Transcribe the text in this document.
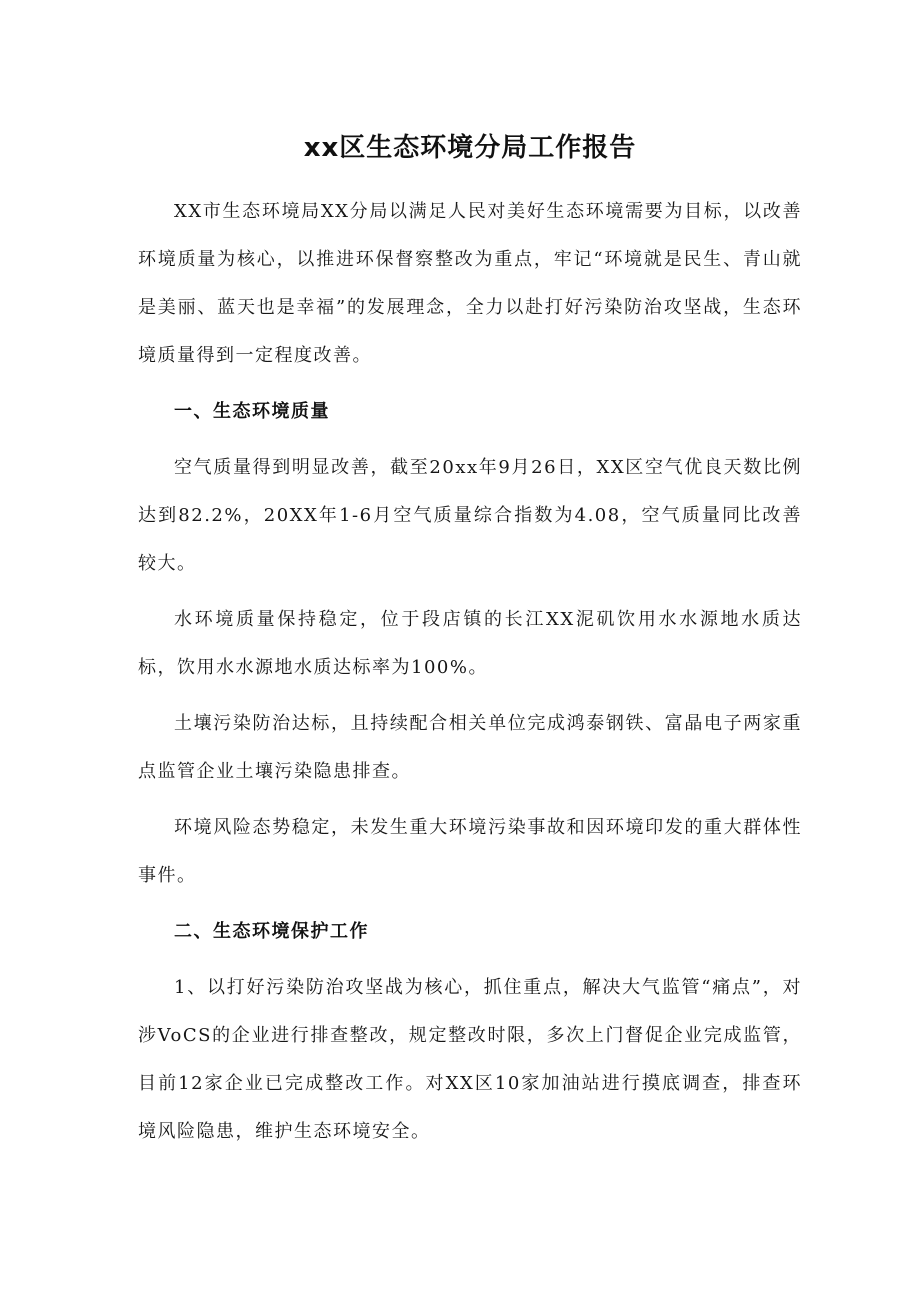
xx区生态环境分局工作报告

XX市生态环境局XX分局以满足人民对美好生态环境需要为目标，以改善环境质量为核心，以推进环保督察整改为重点，牢记“环境就是民生、青山就是美丽、蓝天也是幸福”的发展理念，全力以赴打好污染防治攻坚战，生态环境质量得到一定程度改善。

一、生态环境质量

空气质量得到明显改善，截至20xx年9月26日，XX区空气优良天数比例达到82.2%，20XX年1-6月空气质量综合指数为4.08，空气质量同比改善较大。

水环境质量保持稳定，位于段店镇的长江XX泥矶饮用水水源地水质达标，饮用水水源地水质达标率为100%。

土壤污染防治达标，且持续配合相关单位完成鸿泰钢铁、富晶电子两家重点监管企业土壤污染隐患排查。

环境风险态势稳定，未发生重大环境污染事故和因环境印发的重大群体性事件。

二、生态环境保护工作

1、以打好污染防治攻坚战为核心，抓住重点，解决大气监管“痛点”，对涉VoCS的企业进行排查整改，规定整改时限，多次上门督促企业完成监管，目前12家企业已完成整改工作。对XX区10家加油站进行摸底调查，排查环境风险隐患，维护生态环境安全。
